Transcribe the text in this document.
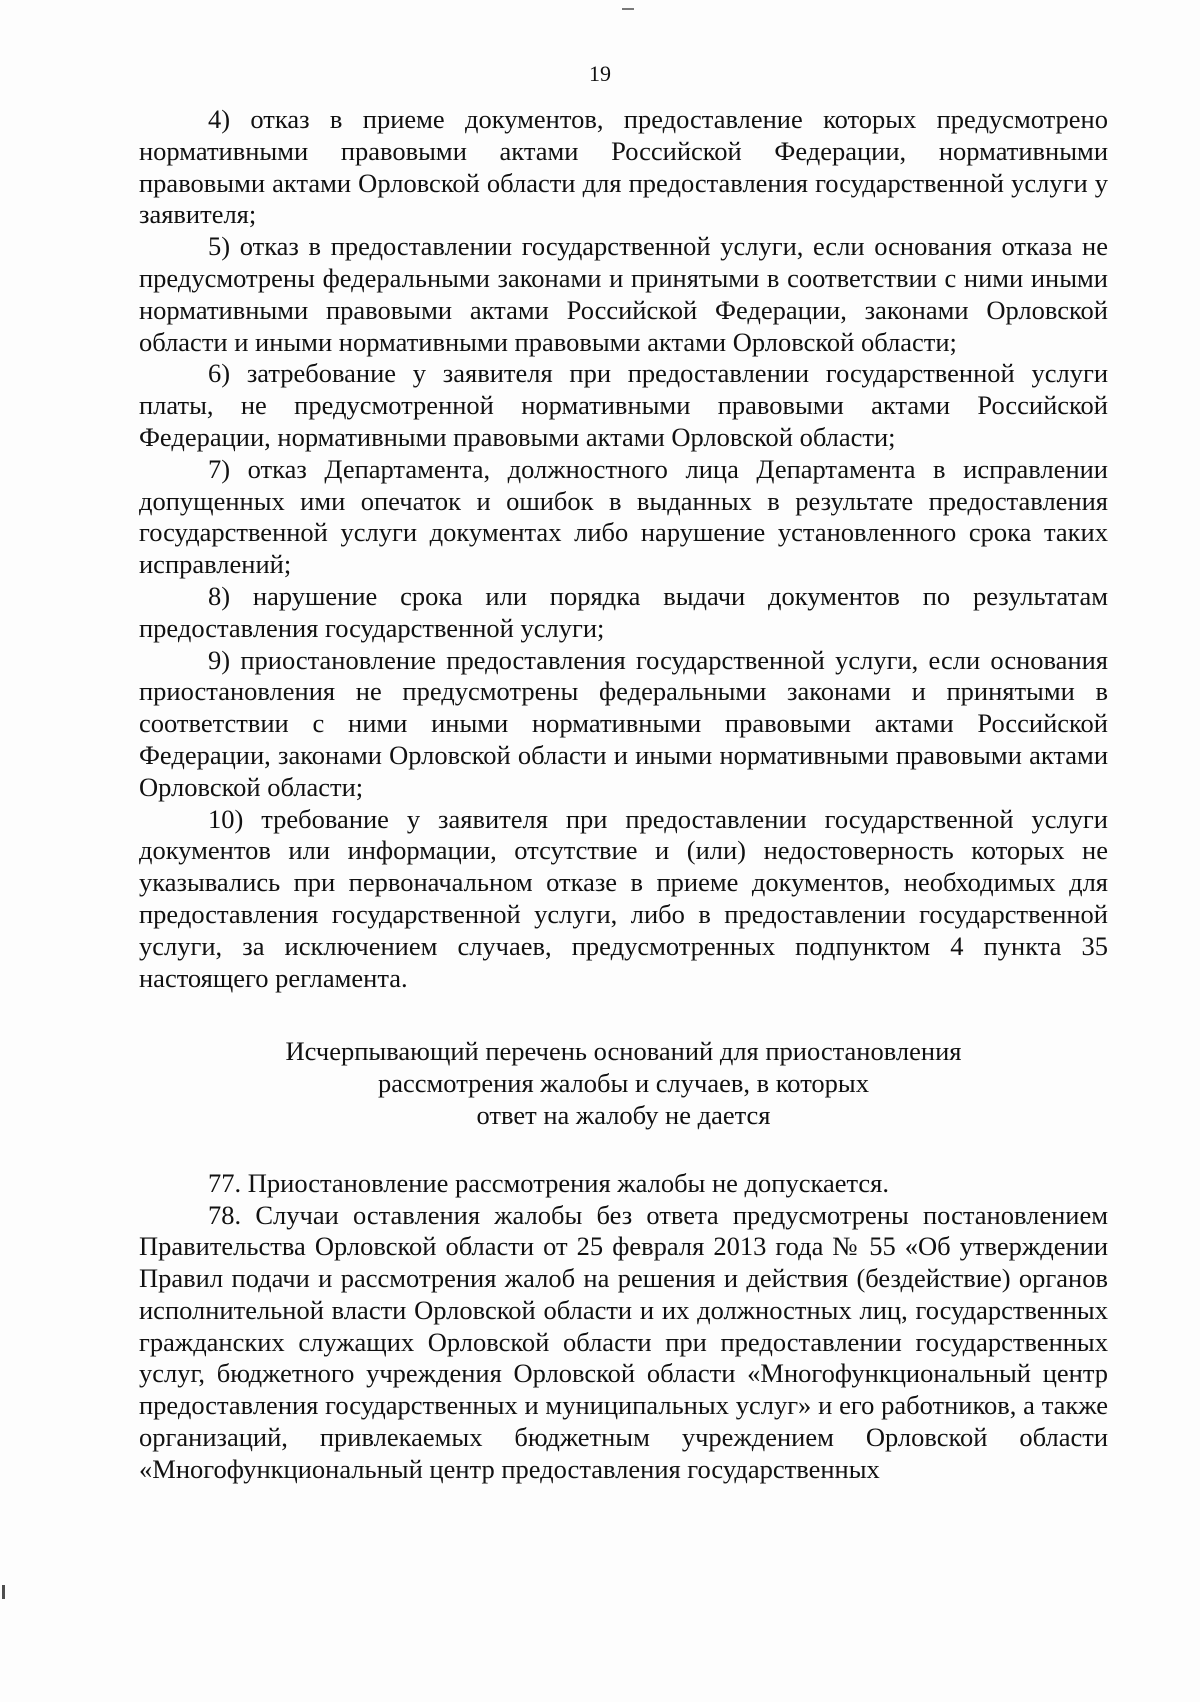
19

4) отказ в приеме документов, предоставление которых предусмотрено нормативными правовыми актами Российской Федерации, нормативными правовыми актами Орловской области для предоставления государственной услуги у заявителя;

5) отказ в предоставлении государственной услуги, если основания отказа не предусмотрены федеральными законами и принятыми в соответствии с ними иными нормативными правовыми актами Российской Федерации, законами Орловской области и иными нормативными правовыми актами Орловской области;

6) затребование у заявителя при предоставлении государственной услуги платы, не предусмотренной нормативными правовыми актами Российской Федерации, нормативными правовыми актами Орловской области;

7) отказ Департамента, должностного лица Департамента в исправлении допущенных ими опечаток и ошибок в выданных в результате предоставления государственной услуги документах либо нарушение установленного срока таких исправлений;

8) нарушение срока или порядка выдачи документов по результатам предоставления государственной услуги;

9) приостановление предоставления государственной услуги, если основания приостановления не предусмотрены федеральными законами и принятыми в соответствии с ними иными нормативными правовыми актами Российской Федерации, законами Орловской области и иными нормативными правовыми актами Орловской области;

10) требование у заявителя при предоставлении государственной услуги документов или информации, отсутствие и (или) недостоверность которых не указывались при первоначальном отказе в приеме документов, необходимых для предоставления государственной услуги, либо в предоставлении государственной услуги, за исключением случаев, предусмотренных подпунктом 4 пункта 35 настоящего регламента.

Исчерпывающий перечень оснований для приостановления
рассмотрения жалобы и случаев, в которых
ответ на жалобу не дается

77. Приостановление рассмотрения жалобы не допускается.

78. Случаи оставления жалобы без ответа предусмотрены постановлением Правительства Орловской области от 25 февраля 2013 года № 55 «Об утверждении Правил подачи и рассмотрения жалоб на решения и действия (бездействие) органов исполнительной власти Орловской области и их должностных лиц, государственных гражданских служащих Орловской области при предоставлении государственных услуг, бюджетного учреждения Орловской области «Многофункциональный центр предоставления государственных и муниципальных услуг» и его работников, а также организаций, привлекаемых бюджетным учреждением Орловской области «Многофункциональный центр предоставления государственных
